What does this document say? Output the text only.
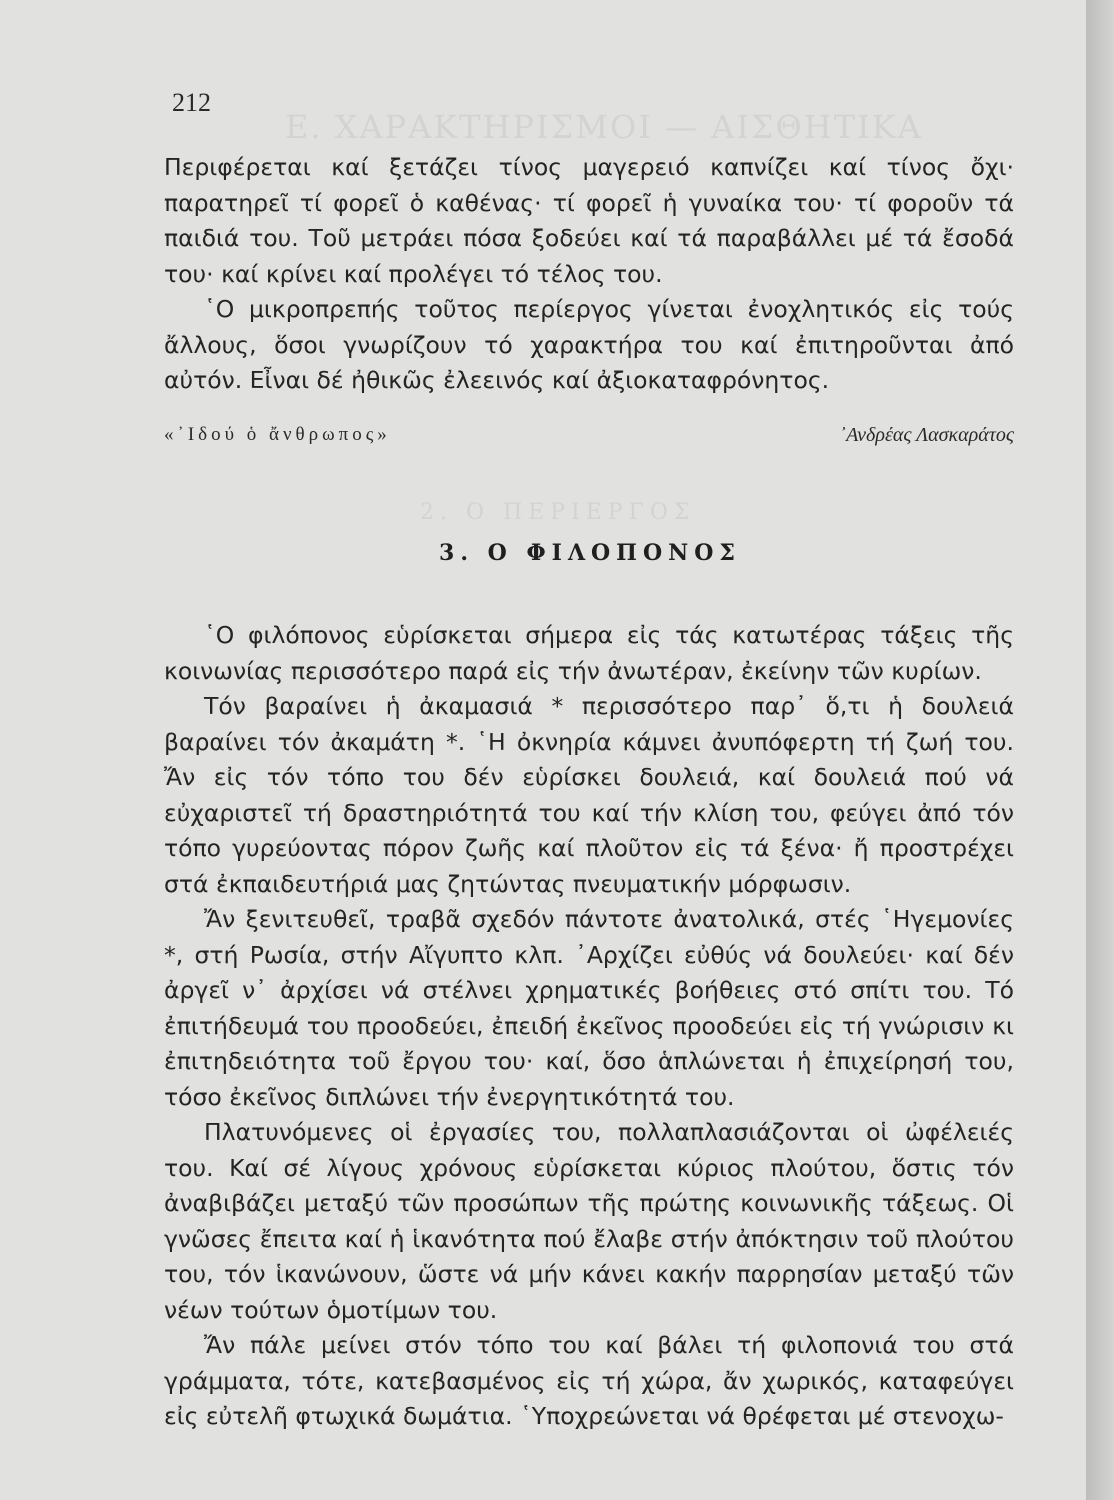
Ε. ΧΑΡΑΚΤΗΡΙΣΜΟΙ — ΑΙΣΘΗΤΙΚΑ
2. Ο ΠΕΡΙΕΡΓΟΣ
212

Περιφέρεται καί ξετάζει τίνος μαγερειό καπνίζει καί τίνος ὄχι· παρατηρεῖ τί φορεῖ ὁ καθένας· τί φορεῖ ἡ γυναίκα του· τί φοροῦν τά παιδιά του. Τοῦ μετράει πόσα ξοδεύει καί τά παραβάλλει μέ τά ἔσοδά του· καί κρίνει καί προλέγει τό τέλος του.

῾Ο μικροπρεπής τοῦτος περίεργος γίνεται ἐνοχλητικός εἰς τούς ἄλλους, ὅσοι γνωρίζουν τό χαρακτήρα του καί ἐπιτηροῦνται ἀπό αὐτόν. Εἶναι δέ ἠθικῶς ἐλεεινός καί ἀξιοκαταφρόνητος.

«᾿Ιδού ὁ ἄνθρωπος»	᾿Ανδρέας Λασκαράτος
3. Ο ΦΙΛΟΠΟΝΟΣ

῾Ο φιλόπονος εὑρίσκεται σήμερα εἰς τάς κατωτέρας τάξεις τῆς κοινωνίας περισσότερο παρά εἰς τήν ἀνωτέραν, ἐκείνην τῶν κυρίων.

Τόν βαραίνει ἡ ἀκαμασιά * περισσότερο παρ᾿ ὅ,τι ἡ δουλειά βαραίνει τόν ἀκαμάτη *. ῾Η ὀκνηρία κάμνει ἀνυπόφερτη τή ζωή του. Ἄν εἰς τόν τόπο του δέν εὑρίσκει δουλειά, καί δουλειά πού νά εὐχαριστεῖ τή δραστηριότητά του καί τήν κλίση του, φεύγει ἀπό τόν τόπο γυρεύοντας πόρον ζωῆς καί πλοῦτον εἰς τά ξένα· ἤ προστρέχει στά ἐκπαιδευτήριά μας ζητώντας πνευματικήν μόρφωσιν.

Ἄν ξενιτευθεῖ, τραβᾶ σχεδόν πάντοτε ἀνατολικά, στές ῾Ηγεμονίες *, στή Ρωσία, στήν Αἴγυπτο κλπ. ᾿Αρχίζει εὐθύς νά δουλεύει· καί δέν ἀργεῖ ν᾿ ἀρχίσει νά στέλνει χρηματικές βοήθειες στό σπίτι του. Τό ἐπιτήδευμά του προοδεύει, ἐπειδή ἐκεῖνος προοδεύει εἰς τή γνώρισιν κι ἐπιτηδειότητα τοῦ ἔργου του· καί, ὅσο ἁπλώνεται ἡ ἐπιχείρησή του, τόσο ἐκεῖνος διπλώνει τήν ἐνεργητικότητά του.

Πλατυνόμενες οἱ ἐργασίες του, πολλαπλασιάζονται οἱ ὠφέλειές του. Καί σέ λίγους χρόνους εὑρίσκεται κύριος πλούτου, ὅστις τόν ἀναβιβάζει μεταξύ τῶν προσώπων τῆς πρώτης κοινωνικῆς τάξεως. Οἱ γνῶσες ἔπειτα καί ἡ ἱκανότητα πού ἔλαβε στήν ἀπόκτησιν τοῦ πλούτου του, τόν ἱκανώνουν, ὥστε νά μήν κάνει κακήν παρρησίαν μεταξύ τῶν νέων τούτων ὁμοτίμων του.

Ἄν πάλε μείνει στόν τόπο του καί βάλει τή φιλοπονιά του στά γράμματα, τότε, κατεβασμένος εἰς τή χώρα, ἄν χωρικός, καταφεύγει εἰς εὐτελῆ φτωχικά δωμάτια. ῾Υποχρεώνεται νά θρέφεται μέ στενοχω-
